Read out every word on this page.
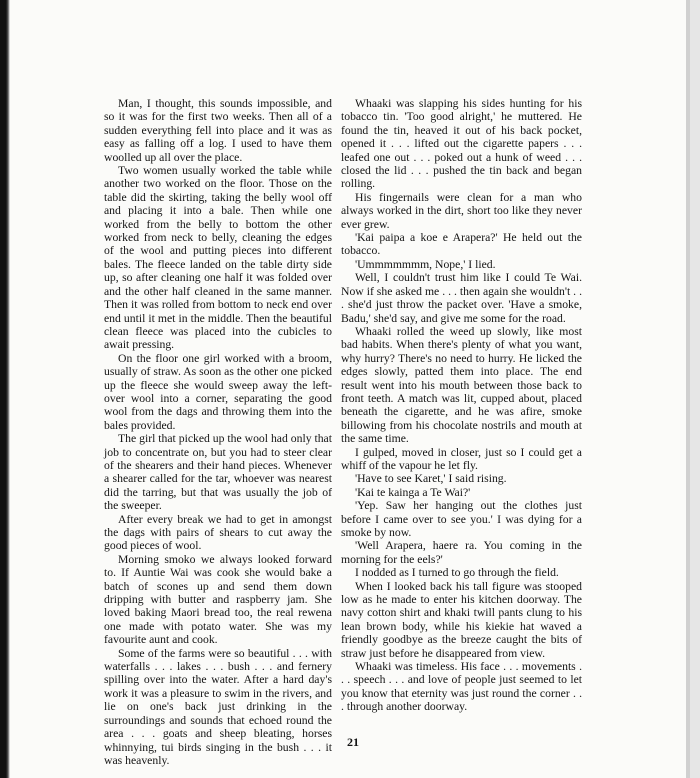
Man, I thought, this sounds impossible, and so it was for the first two weeks. Then all of a sudden everything fell into place and it was as easy as falling off a log. I used to have them woolled up all over the place.

Two women usually worked the table while another two worked on the floor. Those on the table did the skirting, taking the belly wool off and placing it into a bale. Then while one worked from the belly to bottom the other worked from neck to belly, cleaning the edges of the wool and putting pieces into different bales. The fleece landed on the table dirty side up, so after cleaning one half it was folded over and the other half cleaned in the same manner. Then it was rolled from bottom to neck end over end until it met in the middle. Then the beautiful clean fleece was placed into the cubicles to await pressing.

On the floor one girl worked with a broom, usually of straw. As soon as the other one picked up the fleece she would sweep away the left-over wool into a corner, separating the good wool from the dags and throwing them into the bales provided.

The girl that picked up the wool had only that job to concentrate on, but you had to steer clear of the shearers and their hand pieces. Whenever a shearer called for the tar, whoever was nearest did the tarring, but that was usually the job of the sweeper.

After every break we had to get in amongst the dags with pairs of shears to cut away the good pieces of wool.

Morning smoko we always looked forward to. If Auntie Wai was cook she would bake a batch of scones up and send them down dripping with butter and raspberry jam. She loved baking Maori bread too, the real rewena one made with potato water. She was my favourite aunt and cook.

Some of the farms were so beautiful . . . with waterfalls . . . lakes . . . bush . . . and fernery spilling over into the water. After a hard day's work it was a pleasure to swim in the rivers, and lie on one's back just drinking in the surroundings and sounds that echoed round the area . . . goats and sheep bleating, horses whinnying, tui birds singing in the bush . . . it was heavenly.

Whaaki was slapping his sides hunting for his tobacco tin. 'Too good alright,' he muttered. He found the tin, heaved it out of his back pocket, opened it . . . lifted out the cigarette papers . . . leafed one out . . . poked out a hunk of weed . . . closed the lid . . . pushed the tin back and began rolling.

His fingernails were clean for a man who always worked in the dirt, short too like they never ever grew.

'Kai paipa a koe e Arapera?' He held out the tobacco.

'Ummmmmmm, Nope,' I lied.

Well, I couldn't trust him like I could Te Wai. Now if she asked me . . . then again she wouldn't . . . she'd just throw the packet over. 'Have a smoke, Badu,' she'd say, and give me some for the road.

Whaaki rolled the weed up slowly, like most bad habits. When there's plenty of what you want, why hurry? There's no need to hurry. He licked the edges slowly, patted them into place. The end result went into his mouth between those back to front teeth. A match was lit, cupped about, placed beneath the cigarette, and he was afire, smoke billowing from his chocolate nostrils and mouth at the same time.

I gulped, moved in closer, just so I could get a whiff of the vapour he let fly.

'Have to see Karet,' I said rising.

'Kai te kainga a Te Wai?'

'Yep. Saw her hanging out the clothes just before I came over to see you.' I was dying for a smoke by now.

'Well Arapera, haere ra. You coming in the morning for the eels?'

I nodded as I turned to go through the field.

When I looked back his tall figure was stooped low as he made to enter his kitchen doorway. The navy cotton shirt and khaki twill pants clung to his lean brown body, while his kiekie hat waved a friendly goodbye as the breeze caught the bits of straw just before he disappeared from view.

Whaaki was timeless. His face . . . movements . . . speech . . . and love of people just seemed to let you know that eternity was just round the corner . . . through another doorway.

21
